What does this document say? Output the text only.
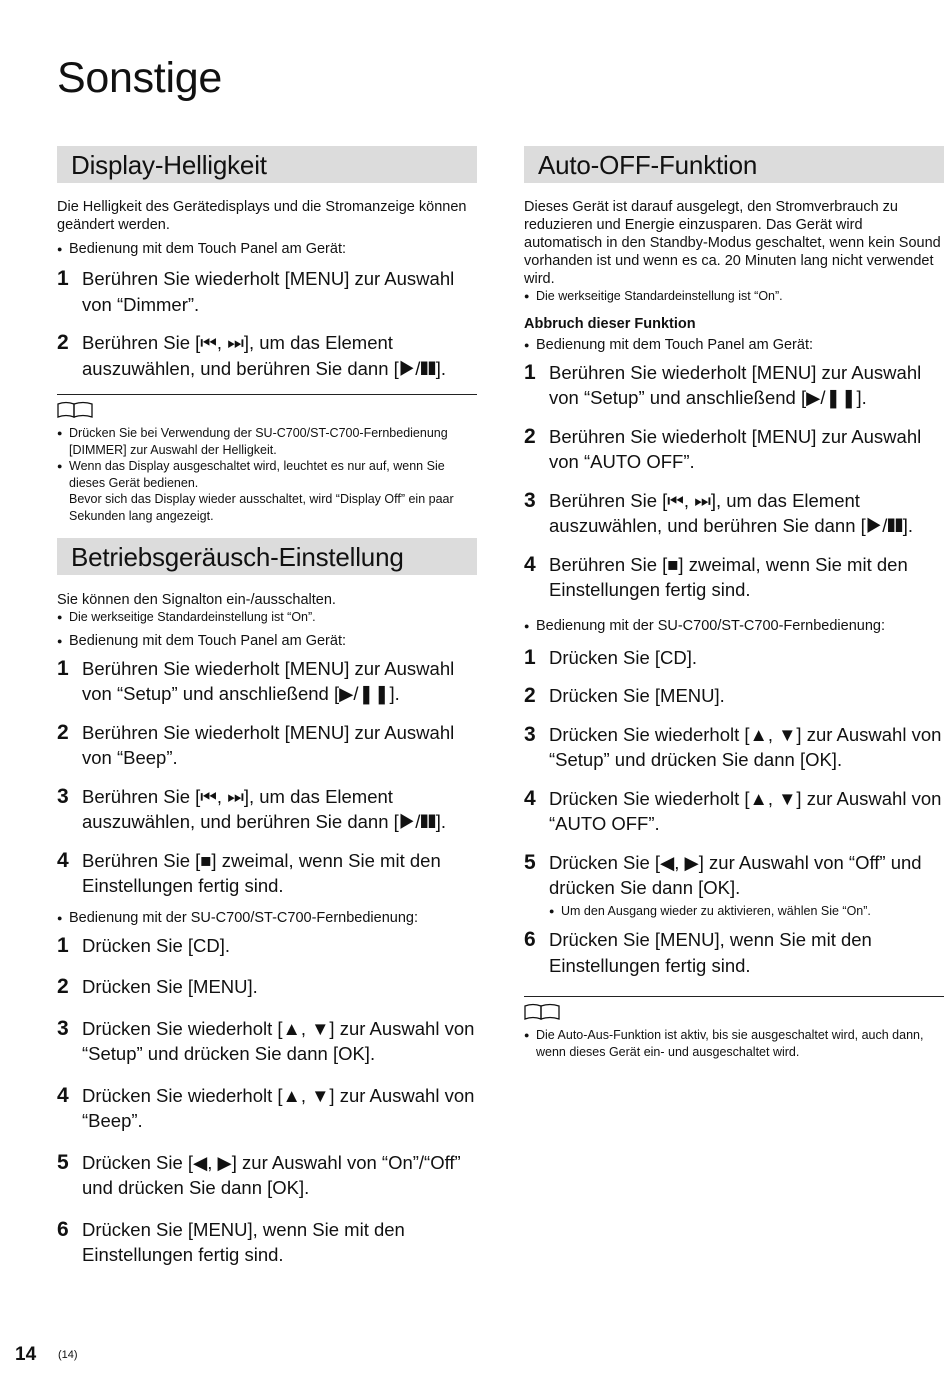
Sonstige
Display-Helligkeit

Die Helligkeit des Gerätedisplays und die Stromanzeige können geändert werden.

● Bedienung mit dem Touch Panel am Gerät:

1 Berühren Sie wiederholt [MENU] zur Auswahl von “Dimmer”.
2 Berühren Sie [⏮, ⏭], um das Element auszuwählen, und berühren Sie dann [▶/❚❚].

● Drücken Sie bei Verwendung der SU-C700/ST-C700-Fernbedienung [DIMMER] zur Auswahl der Helligkeit.

● Wenn das Display ausgeschaltet wird, leuchtet es nur auf, wenn Sie dieses Gerät bedienen.

Bevor sich das Display wieder ausschaltet, wird “Display Off” ein paar Sekunden lang angezeigt.

Betriebsgeräusch-Einstellung

Sie können den Signalton ein-/ausschalten.

● Die werkseitige Standardeinstellung ist “On”.

● Bedienung mit dem Touch Panel am Gerät:

1 Berühren Sie wiederholt [MENU] zur Auswahl von “Setup” und anschließend [▶/❚❚].
2 Berühren Sie wiederholt [MENU] zur Auswahl von “Beep”.
3 Berühren Sie [⏮, ⏭], um das Element auszuwählen, und berühren Sie dann [▶/❚❚].
4 Berühren Sie [■] zweimal, wenn Sie mit den Einstellungen fertig sind.

● Bedienung mit der SU-C700/ST-C700-Fernbedienung:

1 Drücken Sie [CD].
2 Drücken Sie [MENU].
3 Drücken Sie wiederholt [▲, ▼] zur Auswahl von “Setup” und drücken Sie dann [OK].
4 Drücken Sie wiederholt [▲, ▼] zur Auswahl von “Beep”.
5 Drücken Sie [◀, ▶] zur Auswahl von “On”/“Off” und drücken Sie dann [OK].
6 Drücken Sie [MENU], wenn Sie mit den Einstellungen fertig sind.
Auto-OFF-Funktion

Dieses Gerät ist darauf ausgelegt, den Stromverbrauch zu reduzieren und Energie einzusparen. Das Gerät wird automatisch in den Standby-Modus geschaltet, wenn kein Sound vorhanden ist und wenn es ca. 20 Minuten lang nicht verwendet wird.

● Die werkseitige Standardeinstellung ist “On”.

Abbruch dieser Funktion

● Bedienung mit dem Touch Panel am Gerät:

1 Berühren Sie wiederholt [MENU] zur Auswahl von “Setup” und anschließend [▶/❚❚].
2 Berühren Sie wiederholt [MENU] zur Auswahl von “AUTO OFF”.
3 Berühren Sie [⏮, ⏭], um das Element auszuwählen, und berühren Sie dann [▶/❚❚].
4 Berühren Sie [■] zweimal, wenn Sie mit den Einstellungen fertig sind.

● Bedienung mit der SU-C700/ST-C700-Fernbedienung:

1 Drücken Sie [CD].
2 Drücken Sie [MENU].
3 Drücken Sie wiederholt [▲, ▼] zur Auswahl von “Setup” und drücken Sie dann [OK].
4 Drücken Sie wiederholt [▲, ▼] zur Auswahl von “AUTO OFF”.
5 Drücken Sie [◀, ▶] zur Auswahl von “Off” und drücken Sie dann [OK].

● Um den Ausgang wieder zu aktivieren, wählen Sie “On”.

6 Drücken Sie [MENU], wenn Sie mit den Einstellungen fertig sind.

● Die Auto-Aus-Funktion ist aktiv, bis sie ausgeschaltet wird, auch dann, wenn dieses Gerät ein- und ausgeschaltet wird.

14 (14)
